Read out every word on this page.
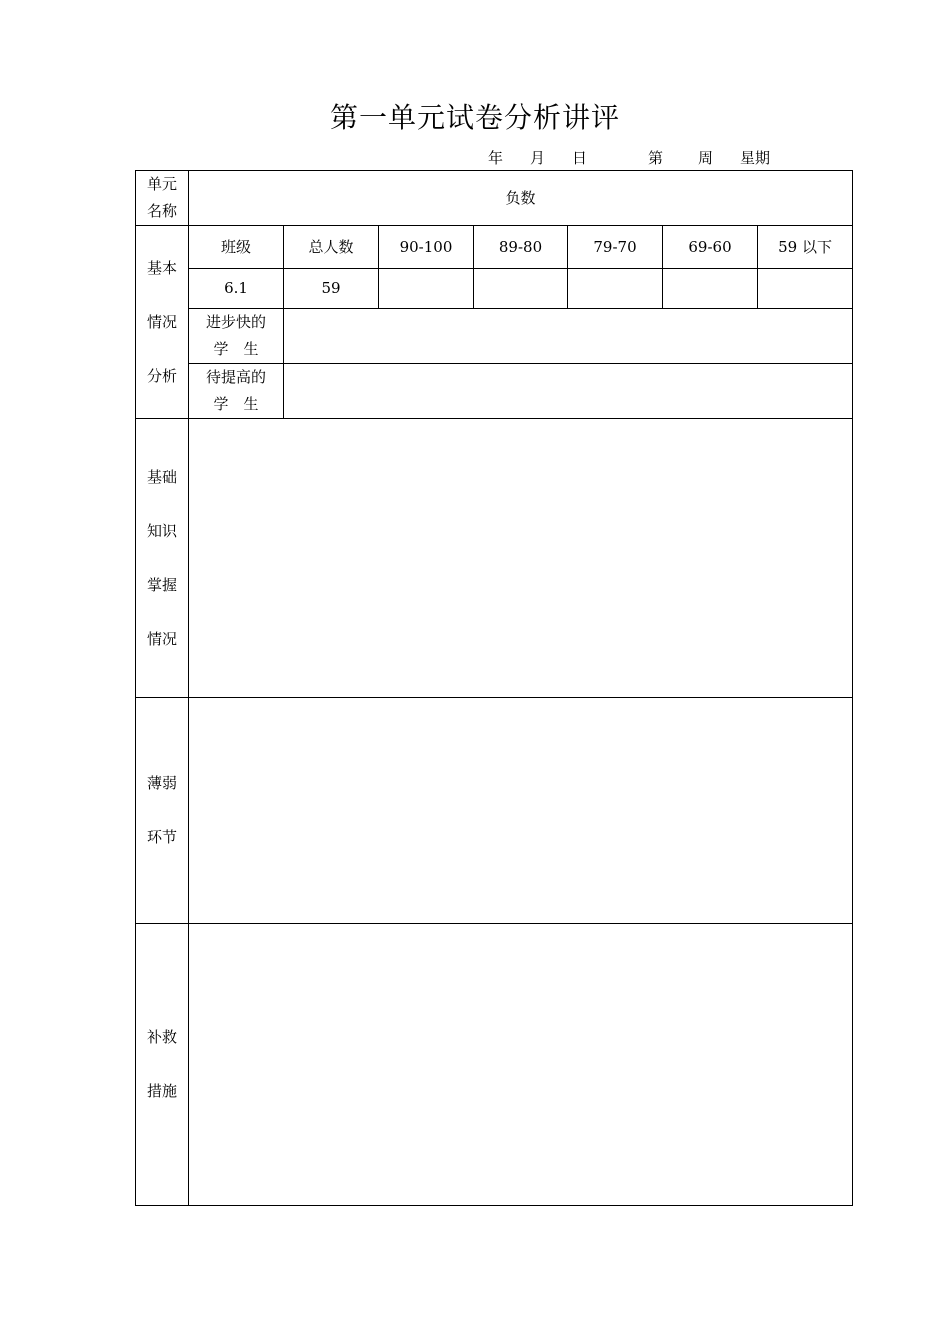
第一单元试卷分析讲评
年 月 日	第 周 星期
单元
名称	负数						

基本
情况
分析	班级	总人数	90-100	89-80	79-70	69-60	59 以下
	6.1	59					

	进步快的
学　生						

	待提高的
学　生						

基础
知识
掌握
情况							

薄弱
环节							

补救
措施							
